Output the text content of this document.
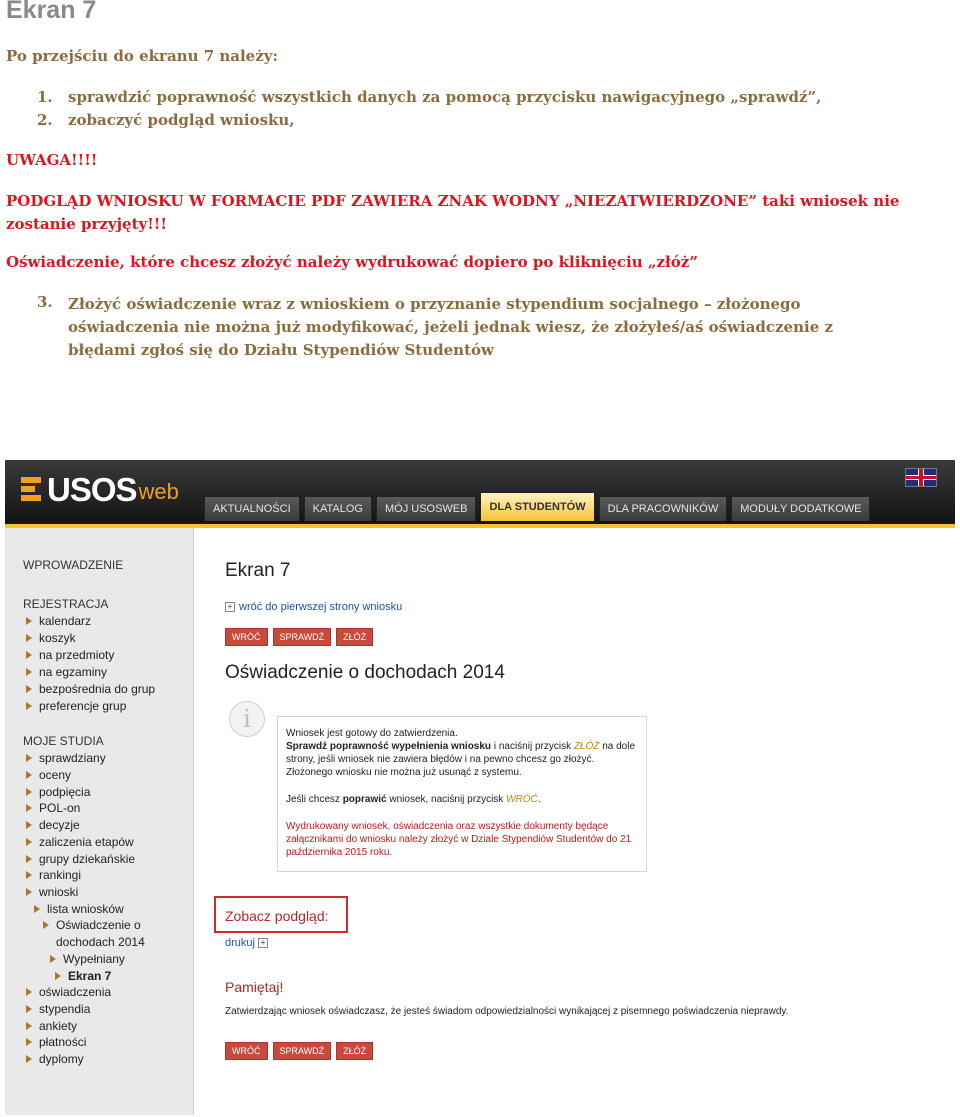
Ekran 7

Po przejściu do ekranu 7 należy:

1. sprawdzić poprawność wszystkich danych za pomocą przycisku nawigacyjnego „sprawdź”,
2. zobaczyć podgląd wniosku,

UWAGA!!!!

PODGLĄD WNIOSKU W FORMACIE PDF ZAWIERA ZNAK WODNY „NIEZATWIERDZONE” taki wniosek nie zostanie przyjęty!!!

Oświadczenie, które chcesz złożyć należy wydrukować dopiero po kliknięciu „złóż”

3. Złożyć oświadczenie wraz z wnioskiem o przyznanie stypendium socjalnego – złożonego oświadczenia nie można już modyfikować, jeżeli jednak wiesz, że złożyłeś/aś oświadczenie z błędami zgłoś się do Działu Stypendiów Studentów
USOS web
AKTUALNOŚCI	KATALOG	MÓJ USOSWEB	DLA STUDENTÓW	DLA PRACOWNIKÓW	MODUŁY DODATKOWE
WPROWADZENIE
REJESTRACJA
kalendarz
koszyk
na przedmioty
na egzaminy
bezpośrednia do grup
preferencje grup
MOJE STUDIA
sprawdziany
oceny
podpięcia
POL-on
decyzje
zaliczenia etapów
grupy dziekańskie
rankingi
wnioski
lista wniosków
Oświadczenie o
dochodach 2014
Wypełniany
Ekran 7
oświadczenia
stypendia
ankiety
płatności
dyplomy
Ekran 7
+ wróć do pierwszej strony wniosku
WRÓĆ	SPRAWDŹ	ZŁÓŻ
Oświadczenie o dochodach 2014
i

Wniosek jest gotowy do zatwierdzenia.

Sprawdź poprawność wypełnienia wniosku i naciśnij przycisk ZŁÓŻ na dole strony, jeśli wniosek nie zawiera błędów i na pewno chcesz go złożyć. Złożonego wniosku nie można już usunąć z systemu.

Jeśli chcesz poprawić wniosek, naciśnij przycisk WRÓĆ.

Wydrukowany wniosek, oświadczenia oraz wszystkie dokumenty będące załącznikami do wniosku należy złożyć w Dziale Stypendiów Studentów do 21 października 2015 roku.

Zobacz podgląd:
drukuj +
Pamiętaj!
Zatwierdzając wniosek oświadczasz, że jesteś świadom odpowiedzialności wynikającej z pisemnego poświadczenia nieprawdy.
WRÓĆ	SPRAWDŹ	ZŁÓŻ
